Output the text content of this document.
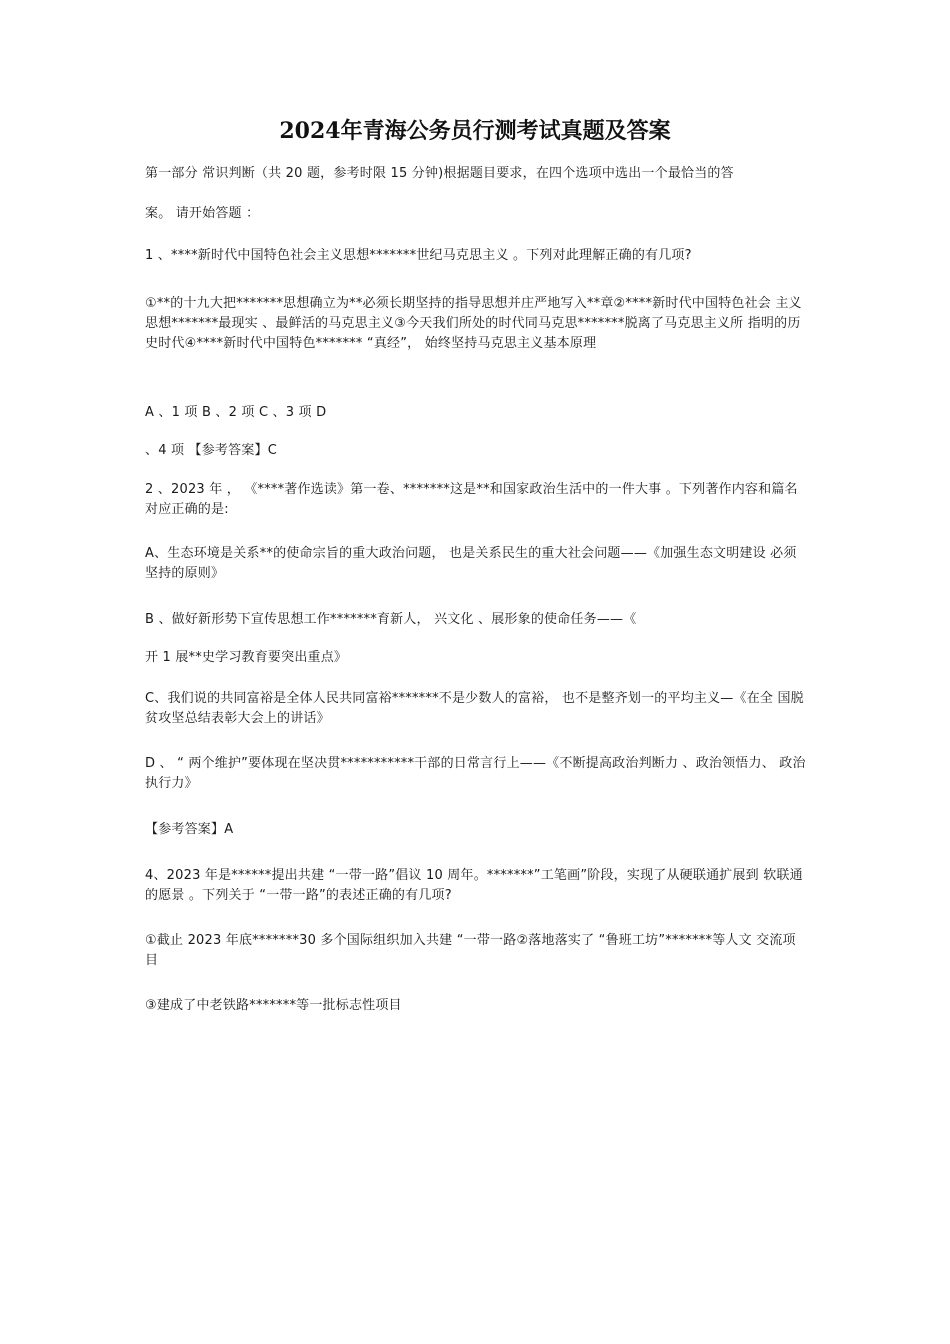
2024年青海公务员行测考试真题及答案
第一部分 常识判断（共 20 题，参考时限 15 分钟)根据题目要求，在四个选项中选出一个最恰当的答
案。 请开始答题 ：
1 、****新时代中国特色社会主义思想*******世纪马克思主义 。下列对此理解正确的有几项?
①**的十九大把*******思想确立为**必须长期坚持的指导思想并庄严地写入**章②****新时代中国特色社会 主义思想*******最现实 、最鲜活的马克思主义③今天我们所处的时代同马克思*******脱离了马克思主义所 指明的历史时代④****新时代中国特色******* “真经”， 始终坚持马克思主义基本原理
A 、1 项 B 、2 项 C 、3 项 D
、4 项 【参考答案】C
2 、2023 年 ， 《****著作选读》第一卷、*******这是**和国家政治生活中的一件大事 。下列著作内容和篇名 对应正确的是:
A、生态环境是关系**的使命宗旨的重大政治问题， 也是关系民生的重大社会问题——《加强生态文明建设 必须坚持的原则》
B 、做好新形势下宣传思想工作*******育新人， 兴文化 、展形象的使命任务——《
开 1 展**史学习教育要突出重点》
C、我们说的共同富裕是全体人民共同富裕*******不是少数人的富裕， 也不是整齐划一的平均主义—《在全 国脱贫攻坚总结表彰大会上的讲话》
D 、 “ 两个维护”要体现在坚决贯***********干部的日常言行上——《不断提高政治判断力 、政治领悟力、 政治执行力》
【参考答案】A
4、2023 年是******提出共建 “一带一路”倡议 10 周年。*******”工笔画”阶段，实现了从硬联通扩展到 软联通的愿景 。下列关于 “一带一路”的表述正确的有几项?
①截止 2023 年底*******30 多个国际组织加入共建 “一带一路②落地落实了 “鲁班工坊”*******等人文 交流项目
③建成了中老铁路*******等一批标志性项目
